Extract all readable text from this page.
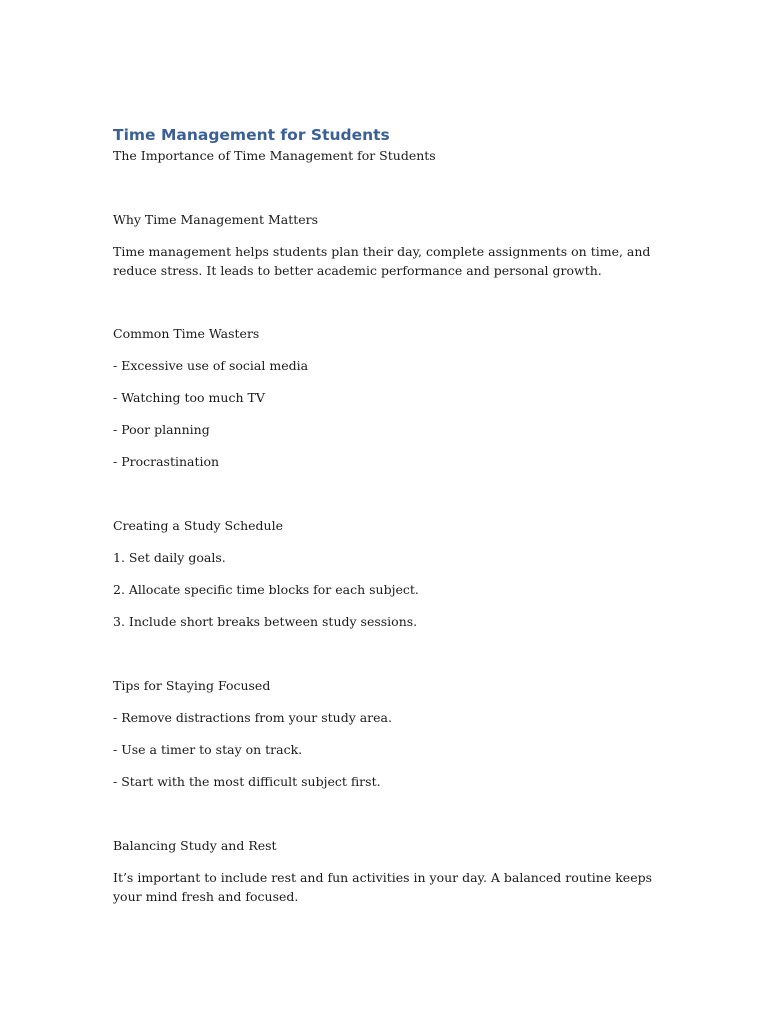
Time Management for Students

The Importance of Time Management for Students

Why Time Management Matters

Time management helps students plan their day, complete assignments on time, and reduce stress. It leads to better academic performance and personal growth.

Common Time Wasters

- Excessive use of social media

- Watching too much TV

- Poor planning

- Procrastination

Creating a Study Schedule

1. Set daily goals.

2. Allocate specific time blocks for each subject.

3. Include short breaks between study sessions.

Tips for Staying Focused

- Remove distractions from your study area.

- Use a timer to stay on track.

- Start with the most difficult subject first.

Balancing Study and Rest

It’s important to include rest and fun activities in your day. A balanced routine keeps your mind fresh and focused.
